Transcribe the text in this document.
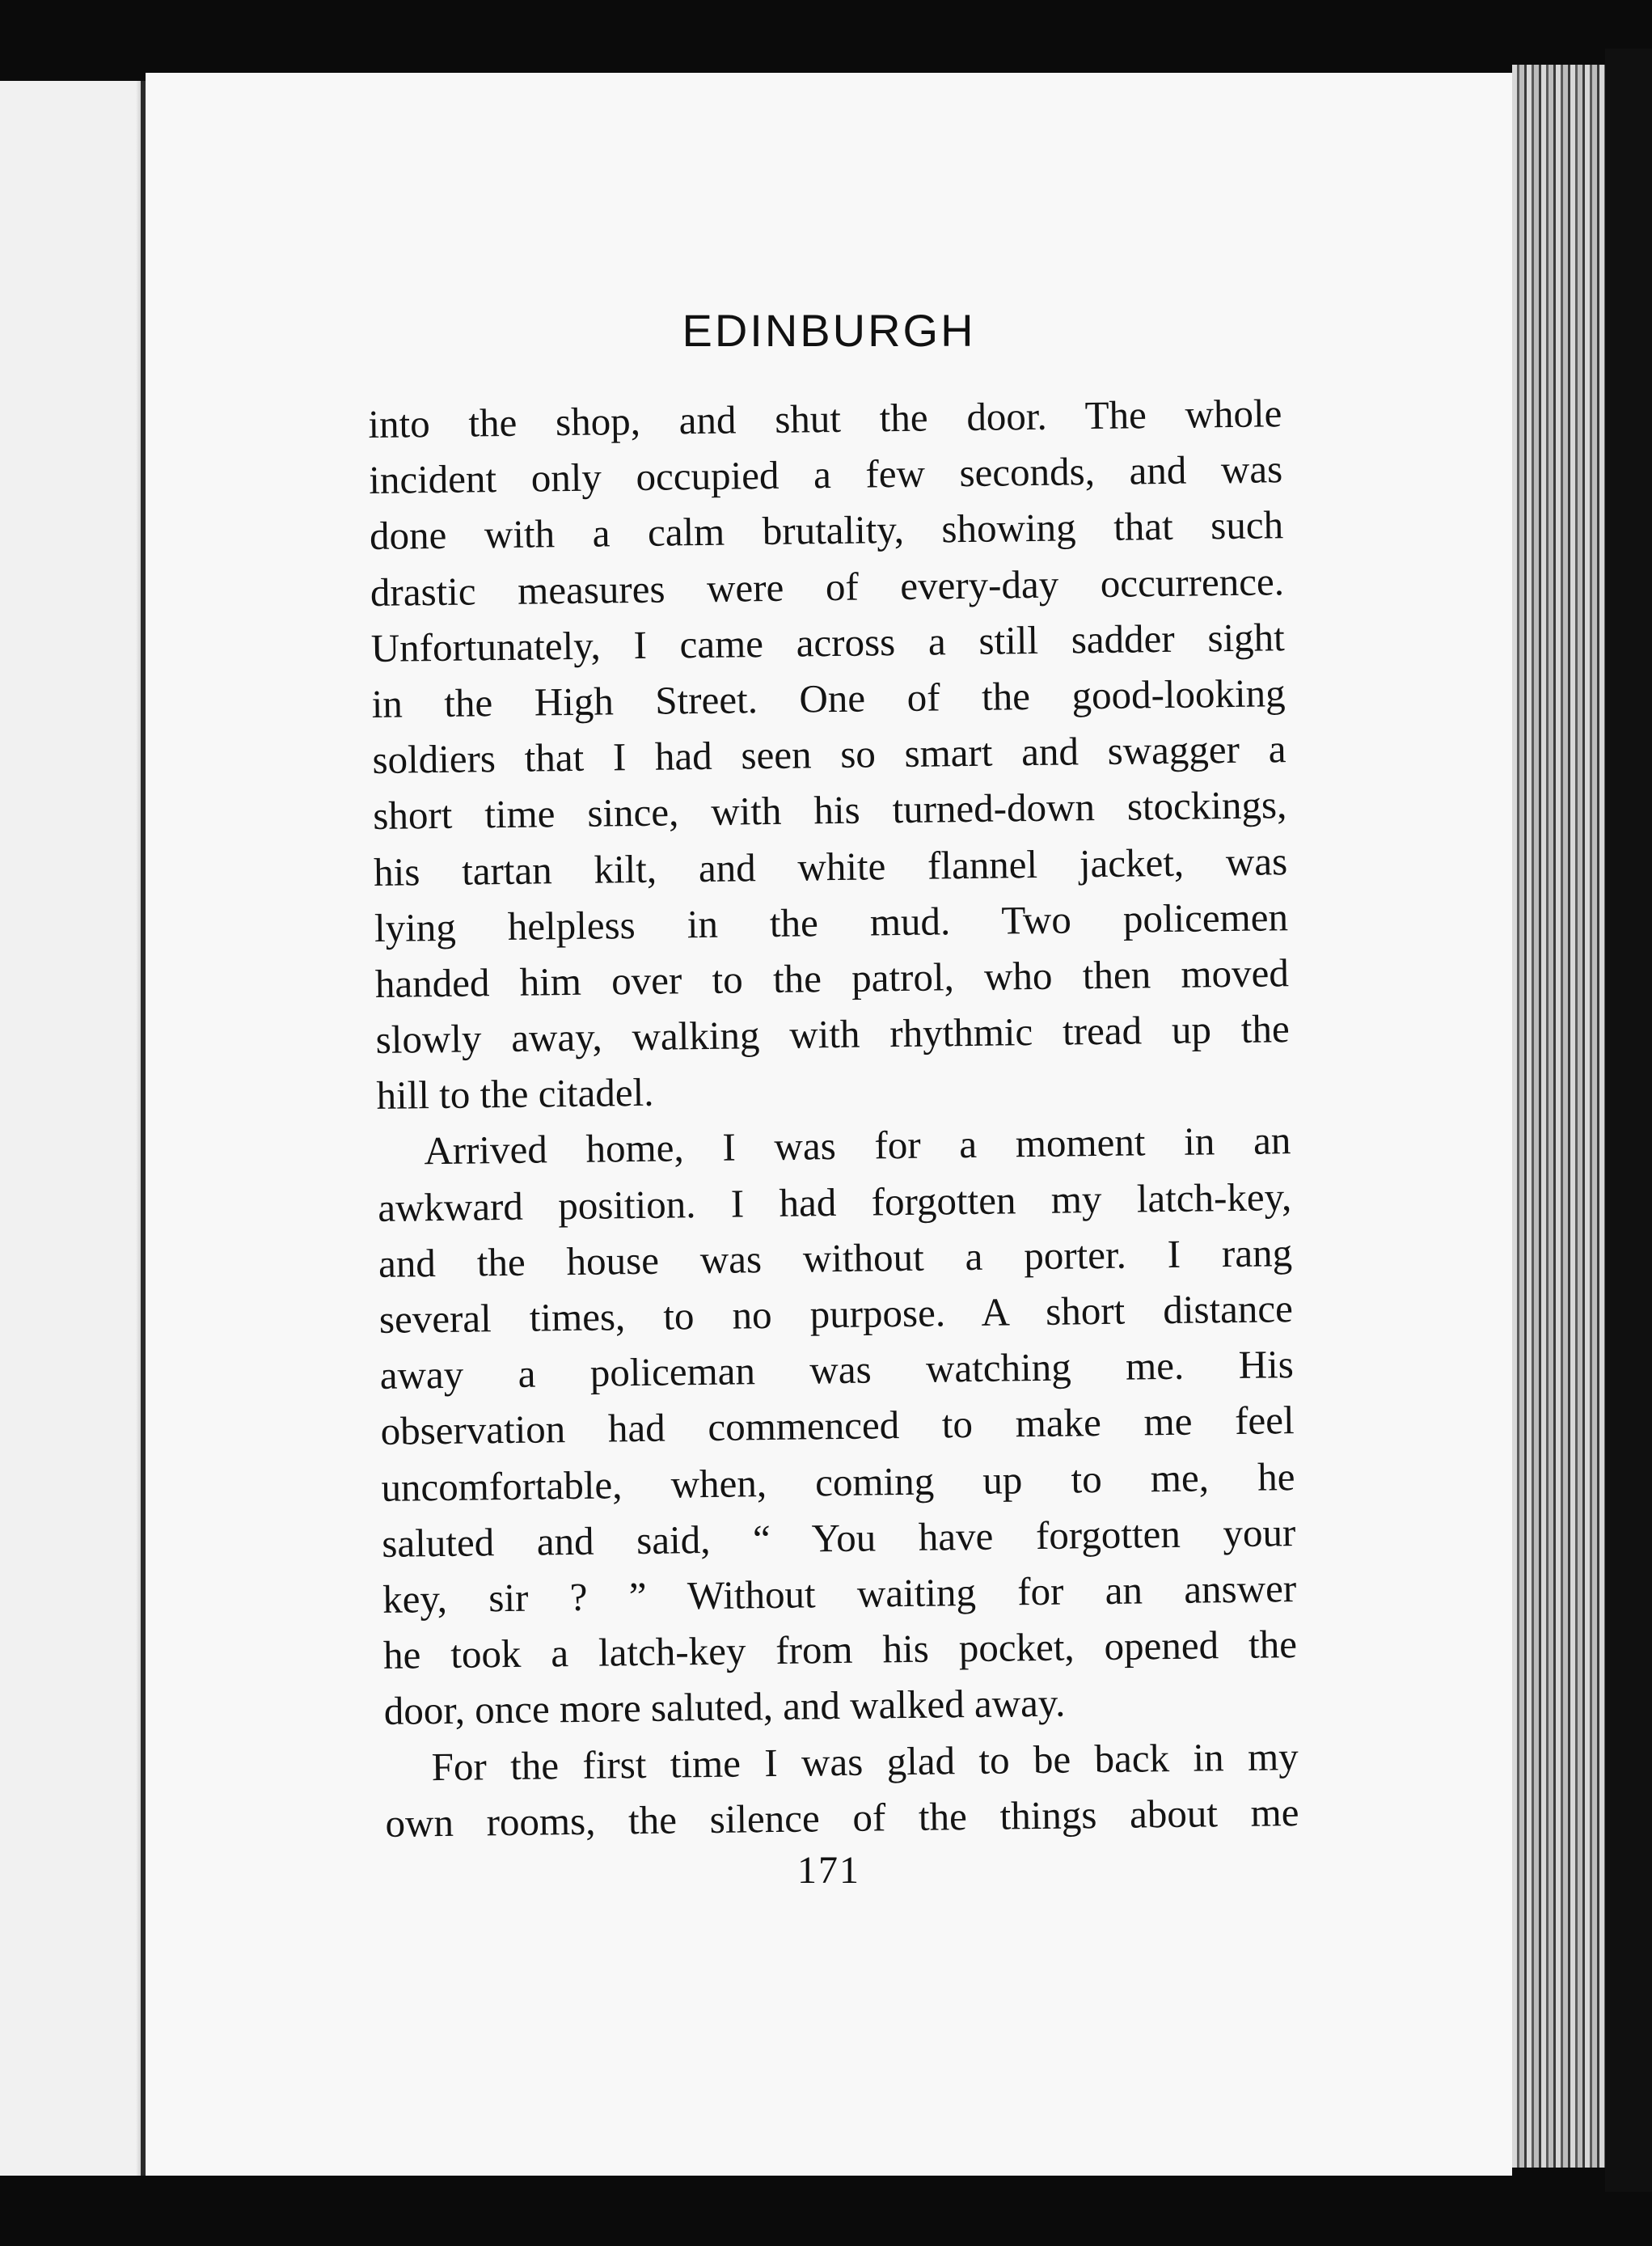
EDINBURGH
into the shop, and shut the door. The whole
incident only occupied a few seconds, and was
done with a calm brutality, showing that such
drastic measures were of every-day occurrence.
Unfortunately, I came across a still sadder sight
in the High Street. One of the good-looking
soldiers that I had seen so smart and swagger a
short time since, with his turned-down stockings,
his tartan kilt, and white flannel jacket, was
lying helpless in the mud. Two policemen
handed him over to the patrol, who then moved
slowly away, walking with rhythmic tread up the
hill to the citadel.
Arrived home, I was for a moment in an
awkward position. I had forgotten my latch-key,
and the house was without a porter. I rang
several times, to no purpose. A short distance
away a policeman was watching me. His
observation had commenced to make me feel
uncomfortable, when, coming up to me, he
saluted and said, “ You have forgotten your
key, sir ? ” Without waiting for an answer
he took a latch-key from his pocket, opened the
door, once more saluted, and walked away.
For the first time I was glad to be back in my
own rooms, the silence of the things about me
171
